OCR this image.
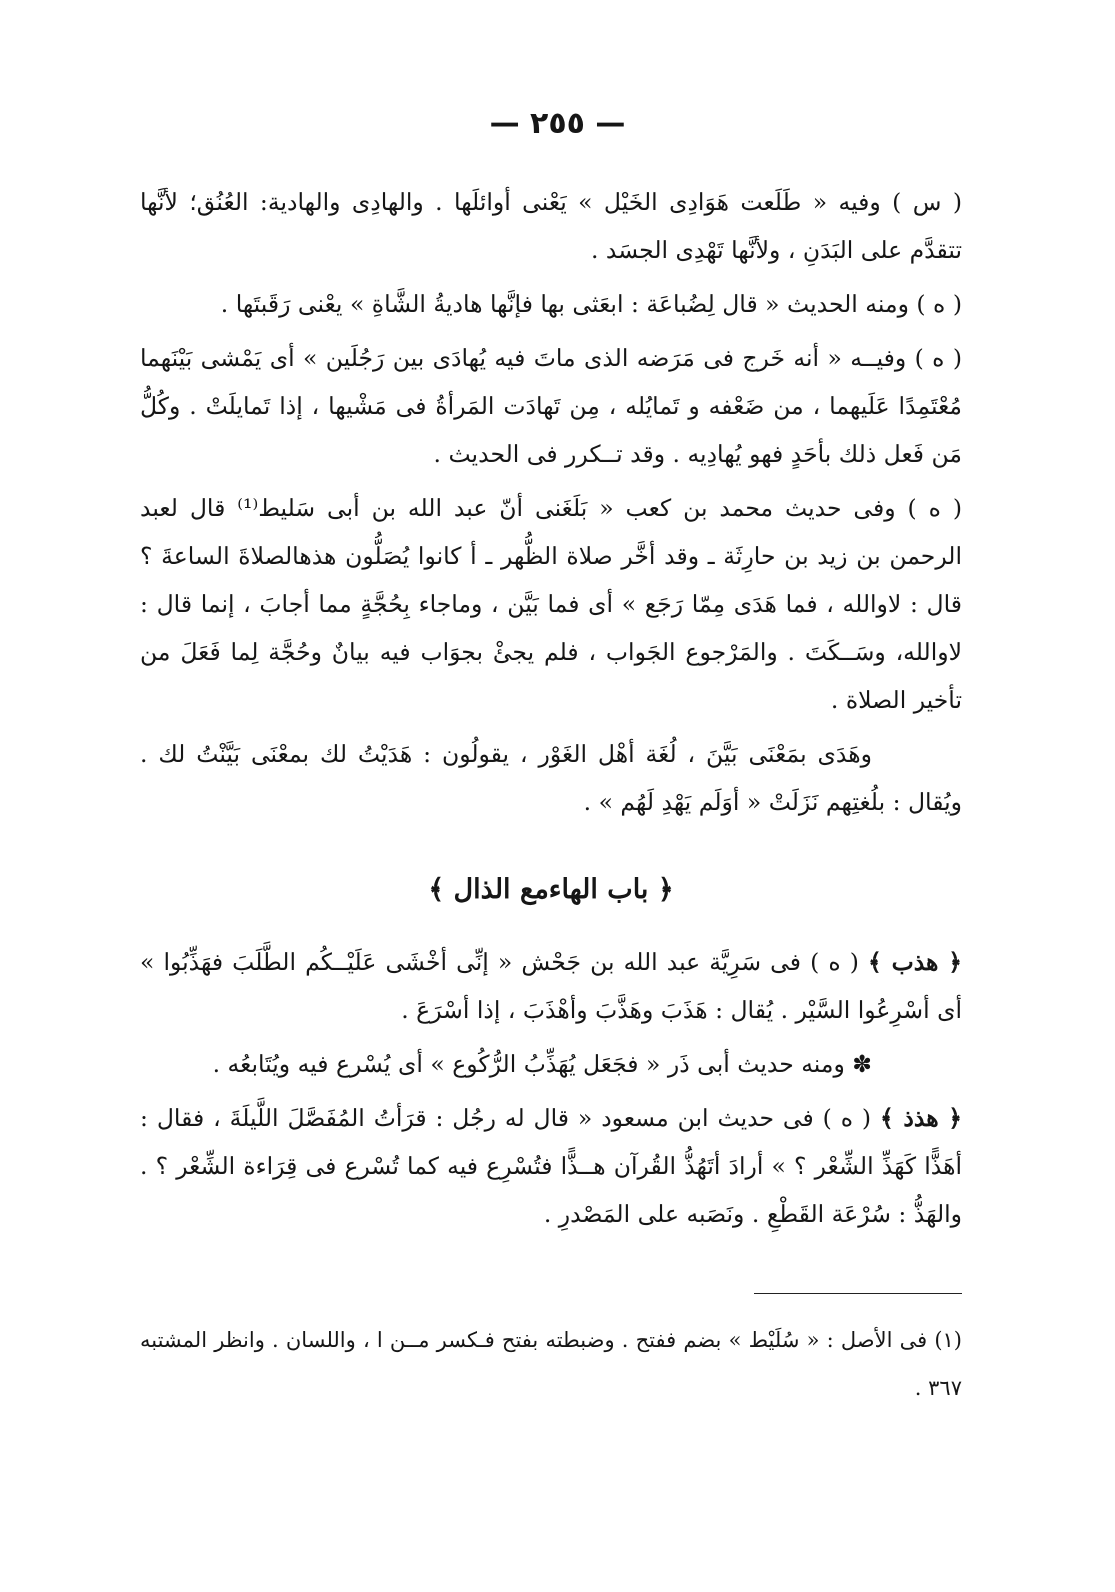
— ٢٥٥ —

( س ) وفيه « طَلَعت هَوَادِى الخَيْل » يَعْنى أوائلَها . والهادِى والهادية: العُنُق؛ لأنَّها تتقدَّم على البَدَنِ ، ولأنَّها تَهْدِى الجسَد .

( ه ) ومنه الحديث « قال لِضُباعَة : ابعَثى بها فإنَّها هاديةُ الشَّاةِ » يعْنى رَقَبتَها .

( ه ) وفيــه « أنه خَرج فى مَرَضه الذى ماتَ فيه يُهادَى بين رَجُلَين » أى يَمْشى بَيْنَهما مُعْتَمِدًا عَلَيهما ، من ضَعْفه و تَمايُله ، مِن تَهادَت المَرأةُ فى مَشْيها ، إذا تَمايلَتْ . وكُلُّ مَن فَعل ذلك بأحَدٍ فهو يُهادِيه . وقد تــكرر فى الحديث .

( ه ) وفى حديث محمد بن كعب « بَلَغَنى أنّ عبد الله بن أبى سَليط⁽¹⁾ قال لعبد الرحمن بن زيد بن حارِثَة ـ وقد أخَّر صلاة الظُّهر ـ أ كانوا يُصَلُّون هذهالصلاةَ الساعةَ ؟ قال : لاوالله ، فما هَدَى مِمّا رَجَع » أى فما بَيَّن ، وماجاء بِحُجَّةٍ مما أجابَ ، إنما قال : لاوالله، وسَــكَتَ . والمَرْجوع الجَواب ، فلم يجئْ بجوَاب فيه بيانٌ وحُجَّة لِما فَعَلَ من تأخير الصلاة .

وهَدَى بمَعْنَى بَيَّنَ ، لُغَة أهْل الغَوْر ، يقولُون : هَدَيْتُ لك بمعْنَى بَيَّنْتُ لك . ويُقال : بلُغتِهم نَزَلَتْ « أوَلَم يَهْدِ لَهُم » .

﴿ باب الهاءمع الذال ﴾

﴿ هذب ﴾ ( ه ) فى سَرِيَّة عبد الله بن جَحْش « إنِّى أخْشَى عَلَيْــكُم الطَّلَبَ فهَذِّبُوا » أى أسْرِعُوا السَّيْر . يُقال : هَذَبَ وهَذَّبَ وأهْذَبَ ، إذا أسْرَعَ .

✽ ومنه حديث أبى ذَر « فجَعَل يُهَذِّبُ الرُّكُوع » أى يُسْرع فيه ويُتَابعُه .

﴿ هذذ ﴾ ( ه ) فى حديث ابن مسعود « قال له رجُل : قرَأتُ المُفَصَّلَ اللَّيلَةَ ، فقال : أهَذًّا كَهَذِّ الشِّعْر ؟ » أرادَ أتَهُذُّ القُرآن هــذًّا فتُسْرِع فيه كما تُسْرع فى قِرَاءة الشِّعْر ؟ . والهَذُّ : سُرْعَة القَطْعِ . ونَصَبه على المَصْدرِ .

(١) فى الأصل : « سُلَيْط » بضم ففتح . وضبطته بفتح فـكسر مــن ا ، واللسان . وانظر المشتبه ٣٦٧ .
